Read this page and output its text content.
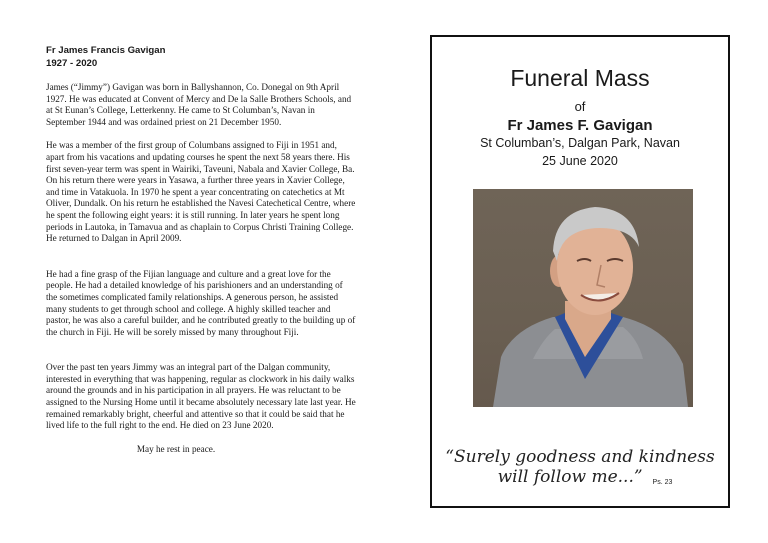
Fr James Francis Gavigan
1927 - 2020

James (“Jimmy”) Gavigan was born in Ballyshannon, Co. Donegal on 9th April 1927. He was educated at Convent of Mercy and De la Salle Brothers Schools, and at St Eunan’s College, Letterkenny. He came to St Columban’s, Navan in September 1944 and was ordained priest on 21 December 1950.

He was a member of the first group of Columbans assigned to Fiji in 1951 and, apart from his vacations and updating courses he spent the next 58 years there. His first seven-year term was spent in Wairiki, Taveuni, Nabala and Xavier College, Ba. On his return there were years in Yasawa, a further three years in Xavier College, and time in Vatakuola. In 1970 he spent a year concentrating on catechetics at Mt Oliver, Dundalk. On his return he established the Navesi Catechetical Centre, where he spent the following eight years: it is still running. In later years he spent long periods in Lautoka, in Tamavua and as chaplain to Corpus Christi Training College. He returned to Dalgan in April 2009.

He had a fine grasp of the Fijian language and culture and a great love for the people. He had a detailed knowledge of his parishioners and an understanding of the sometimes complicated family relationships. A generous person, he assisted many students to get through school and college. A highly skilled teacher and pastor, he was also a careful builder, and he contributed greatly to the building up of the church in Fiji. He will be sorely missed by many throughout Fiji.

Over the past ten years Jimmy was an integral part of the Dalgan community, interested in everything that was happening, regular as clockwork in his daily walks around the grounds and in his participation in all prayers. He was reluctant to be assigned to the Nursing Home until it became absolutely necessary late last year. He remained remarkably bright, cheerful and attentive so that it could be said that he lived life to the full right to the end. He died on 23 June 2020.

May he rest in peace.

Funeral Mass
of
Fr James F. Gavigan
St Columban’s, Dalgan Park, Navan
25 June 2020
“Surely goodness and kindness
will follow me...” Ps. 23
